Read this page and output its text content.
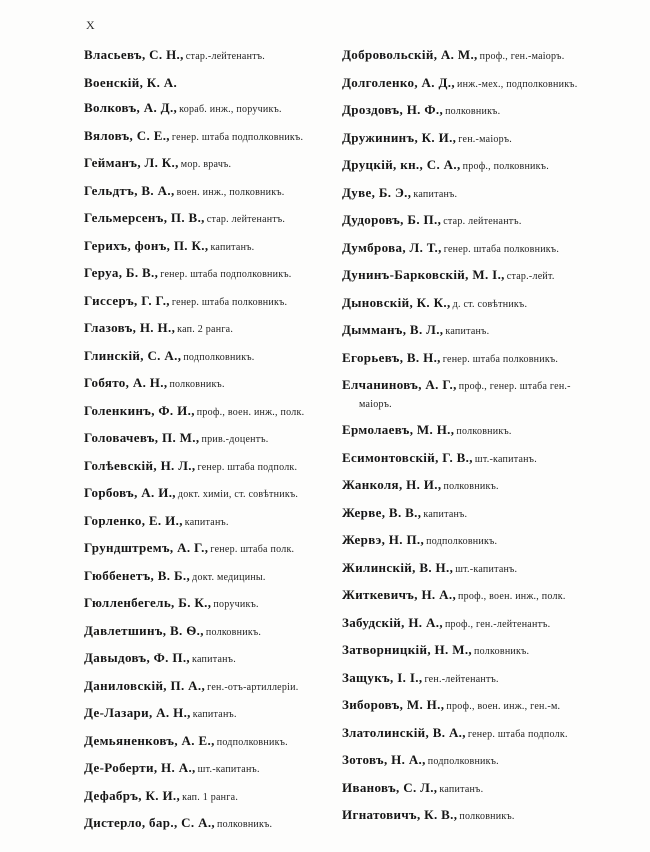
X
Власьевъ, С. Н., стар.-лейтенантъ.
Военскій, К. А.
Волковъ, А. Д., кораб. инж., поручикъ.
Вяловъ, С. Е., генер. штаба подполковникъ.
Гейманъ, Л. К., мор. врачъ.
Гельдтъ, В. А., воен. инж., полковникъ.
Гельмерсенъ, П. В., стар. лейтенантъ.
Герихъ, фонъ, П. К., капитанъ.
Геруа, Б. В., генер. штаба подполковникъ.
Гиссеръ, Г. Г., генер. штаба полковникъ.
Глазовъ, Н. Н., кап. 2 ранга.
Глинскій, С. А., подполковникъ.
Гобято, А. Н., полковникъ.
Голенкинъ, Ф. И., проф., воен. инж., полк.
Головачевъ, П. М., прив.-доцентъ.
Голѣевскій, Н. Л., генер. штаба подполк.
Горбовъ, А. И., докт. химіи, ст. совѣтникъ.
Горленко, Е. И., капитанъ.
Грундштремъ, А. Г., генер. штаба полк.
Гюббенетъ, В. Б., докт. медицины.
Гюлленбегель, Б. К., поручикъ.
Давлетшинъ, В. Ѳ., полковникъ.
Давыдовъ, Ф. П., капитанъ.
Даниловскій, П. А., ген.-отъ-артиллеріи.
Де-Лазари, А. Н., капитанъ.
Демьяненковъ, А. Е., подполковникъ.
Де-Роберти, Н. А., шт.-капитанъ.
Дефабръ, К. И., кап. 1 ранга.
Дистерло, бар., С. А., полковникъ.
Добровольскій, А. М., проф., ген.-маіоръ.
Долголенко, А. Д., инж.-мех., подполковникъ.
Дроздовъ, Н. Ф., полковникъ.
Дружининъ, К. И., ген.-маіоръ.
Друцкій, кн., С. А., проф., полковникъ.
Дуве, Б. Э., капитанъ.
Дудоровъ, Б. П., стар. лейтенантъ.
Думброва, Л. Т., генер. штаба полковникъ.
Дунинъ-Барковскій, М. І., стар.-лейт.
Дыновскій, К. К., д. ст. совѣтникъ.
Дымманъ, В. Л., капитанъ.
Егорьевъ, В. Н., генер. штаба полковникъ.
Елчаниновъ, А. Г., проф., генер. штаба ген.-маіоръ.
Ермолаевъ, М. Н., полковникъ.
Есимонтовскій, Г. В., шт.-капитанъ.
Жанколя, Н. И., полковникъ.
Жерве, В. В., капитанъ.
Жервэ, Н. П., подполковникъ.
Жилинскій, В. Н., шт.-капитанъ.
Житкевичъ, Н. А., проф., воен. инж., полк.
Забудскій, Н. А., проф., ген.-лейтенантъ.
Затворницкій, Н. М., полковникъ.
Защукъ, І. І., ген.-лейтенантъ.
Зиборовъ, М. Н., проф., воен. инж., ген.-м.
Златолинскій, В. А., генер. штаба подполк.
Зотовъ, Н. А., подполковникъ.
Ивановъ, С. Л., капитанъ.
Игнатовичъ, К. В., полковникъ.
